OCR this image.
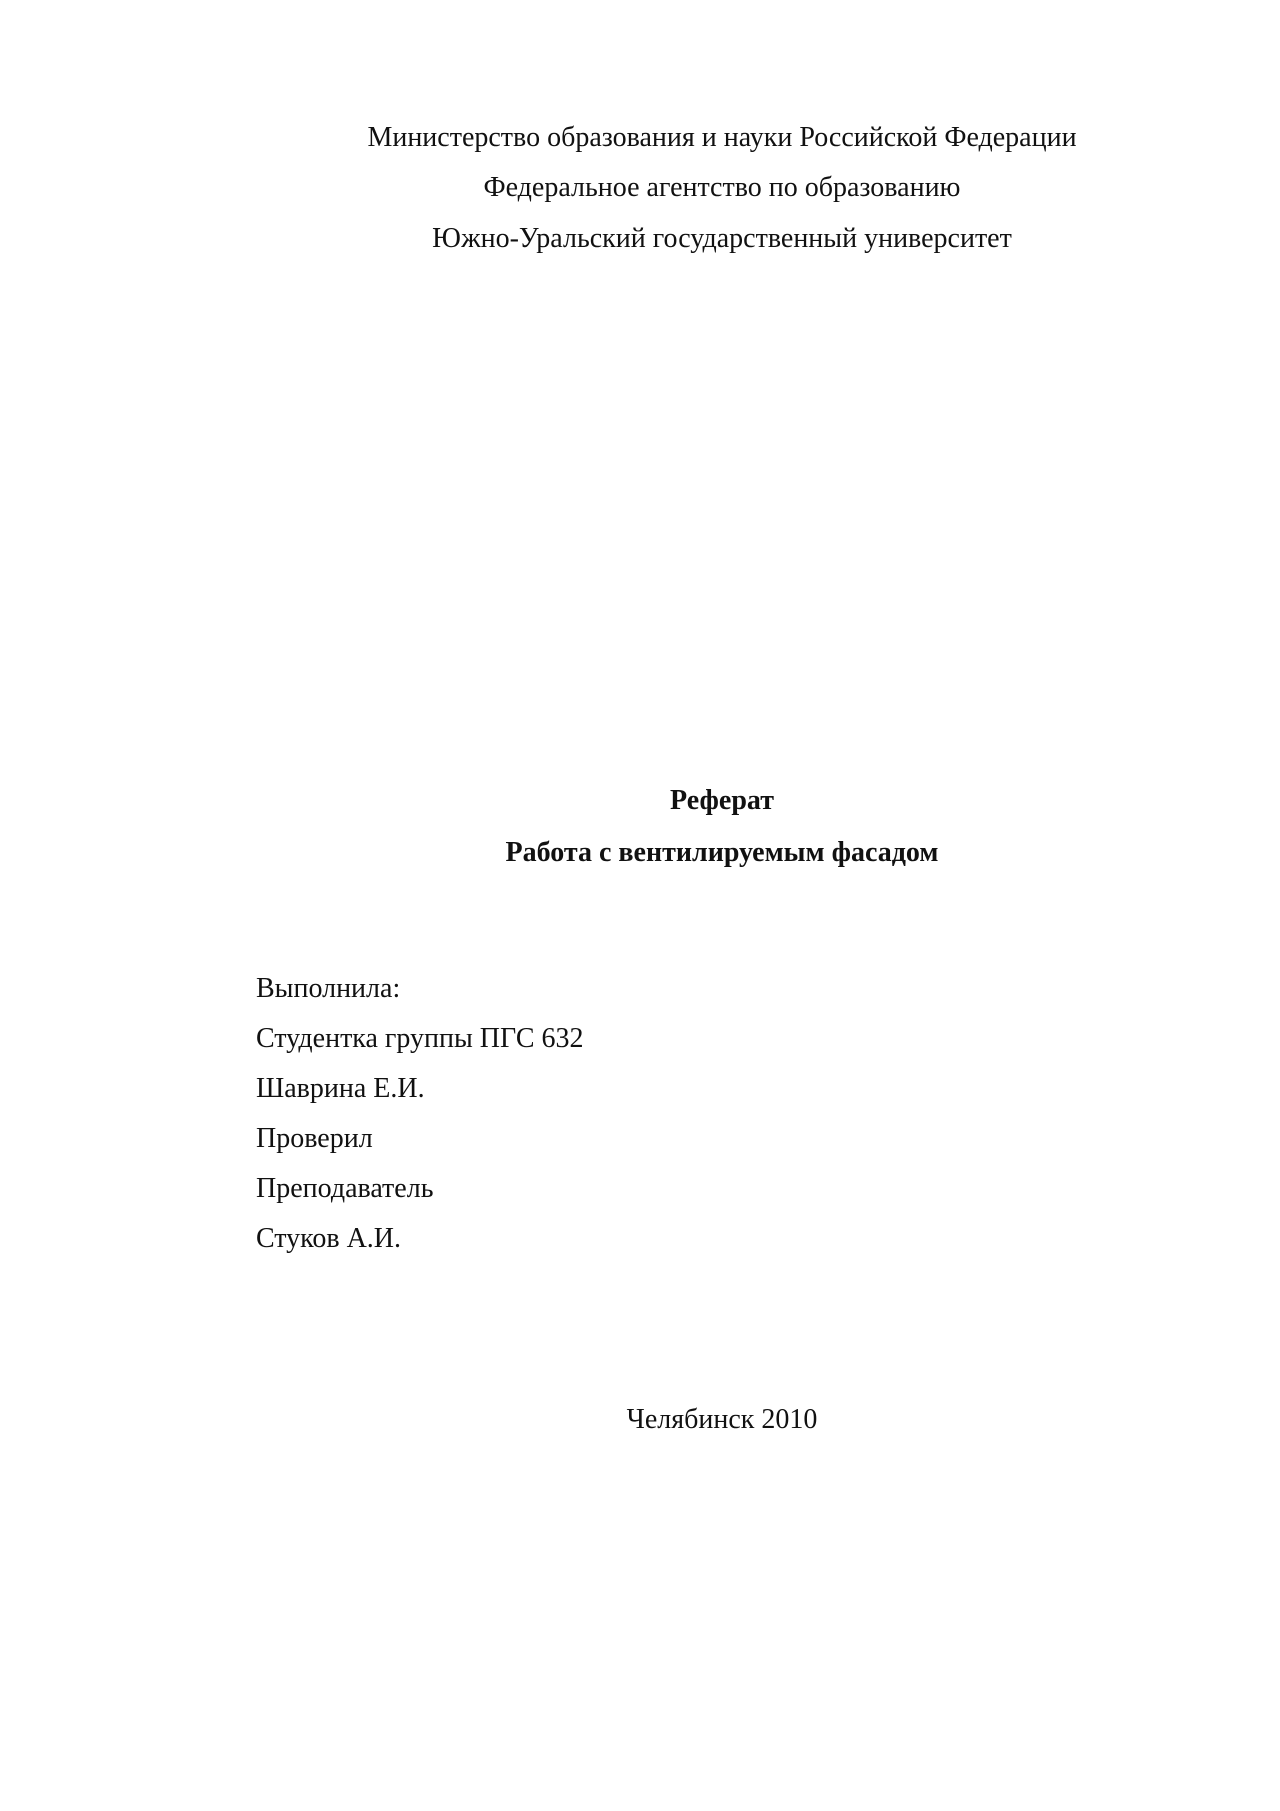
Министерство образования и науки Российской Федерации
Федеральное агентство по образованию
Южно-Уральский государственный университет
Реферат
Работа с вентилируемым фасадом
Выполнила:
Студентка группы ПГС 632
Шаврина Е.И.
Проверил
Преподаватель
Стуков А.И.
Челябинск 2010
